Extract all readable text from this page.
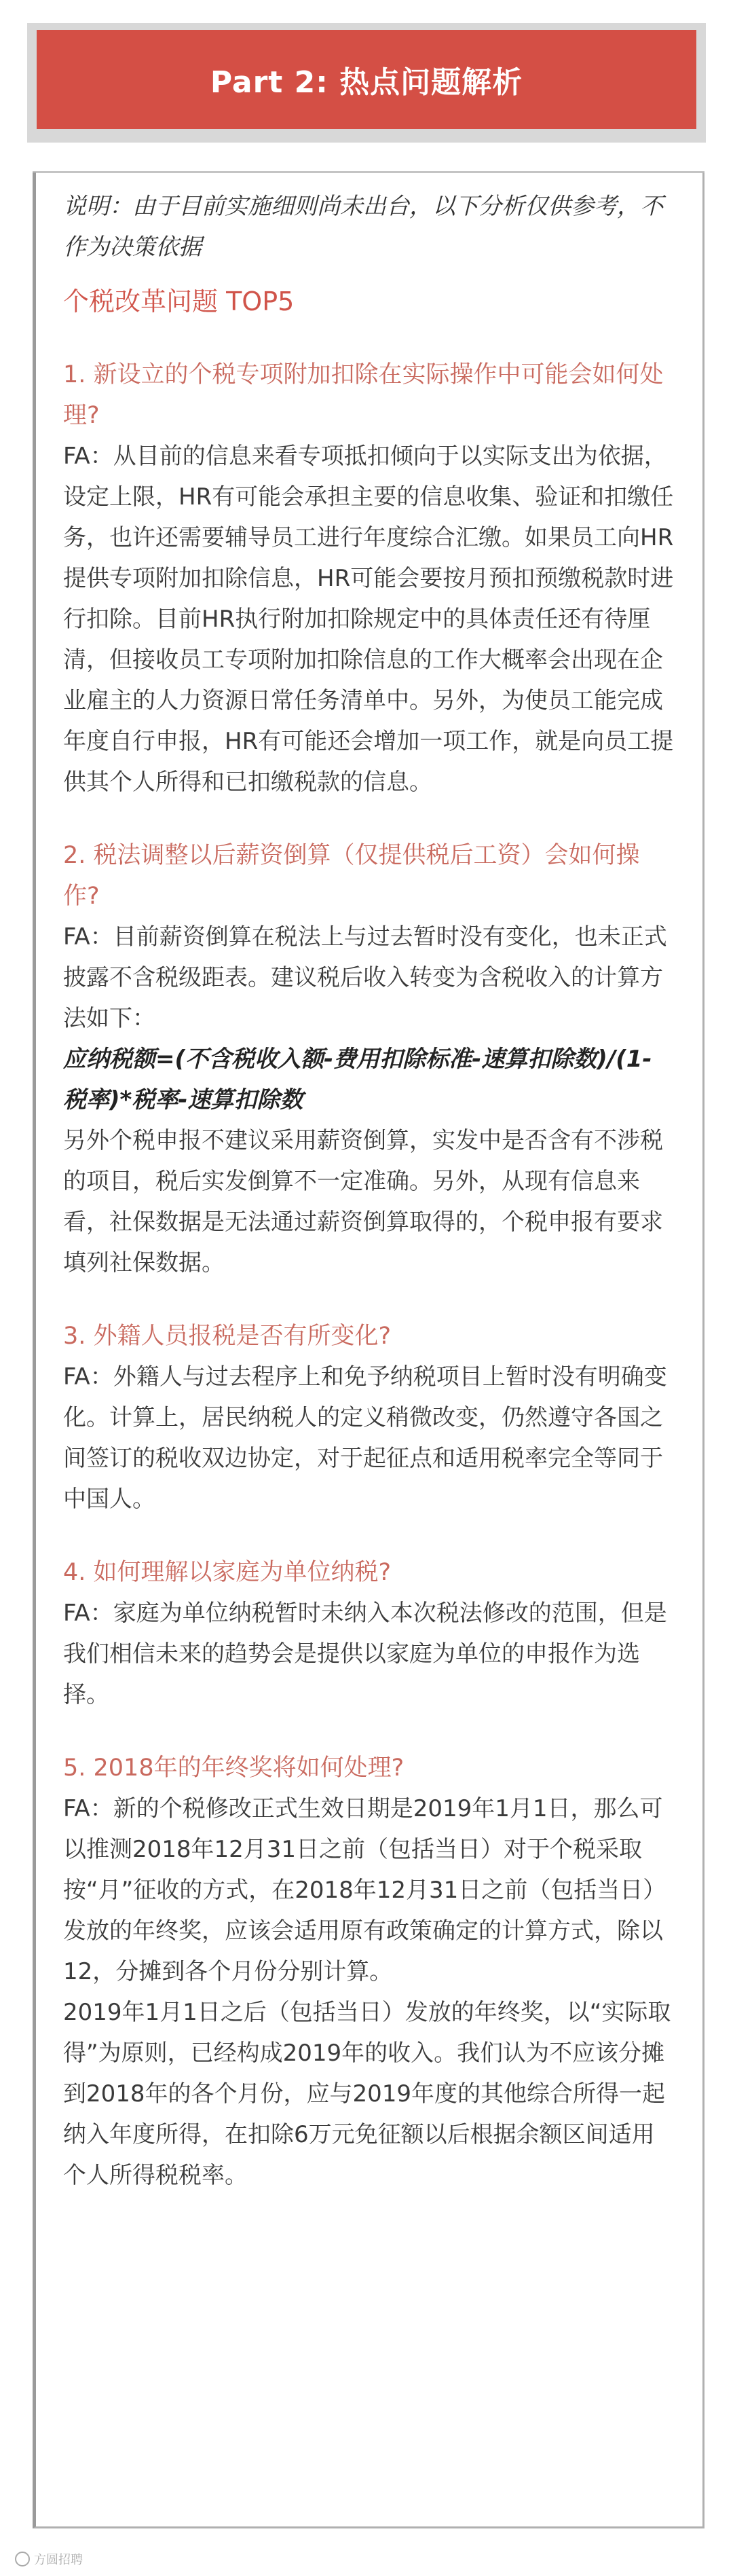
Part 2: 热点问题解析

说明：由于目前实施细则尚未出台，以下分析仅供参考，不作为决策依据

个税改革问题 TOP5

1. 新设立的个税专项附加扣除在实际操作中可能会如何处理?

FA：从目前的信息来看专项抵扣倾向于以实际支出为依据，设定上限，HR有可能会承担主要的信息收集、验证和扣缴任务，也许还需要辅导员工进行年度综合汇缴。如果员工向HR提供专项附加扣除信息，HR可能会要按月预扣预缴税款时进行扣除。目前HR执行附加扣除规定中的具体责任还有待厘清，但接收员工专项附加扣除信息的工作大概率会出现在企业雇主的人力资源日常任务清单中。另外，为使员工能完成年度自行申报，HR有可能还会增加一项工作，就是向员工提供其个人所得和已扣缴税款的信息。

2. 税法调整以后薪资倒算（仅提供税后工资）会如何操作?

FA：目前薪资倒算在税法上与过去暂时没有变化，也未正式披露不含税级距表。建议税后收入转变为含税收入的计算方法如下：

应纳税额=(不含税收入额-费用扣除标准-速算扣除数)/(1-税率)*税率-速算扣除数

另外个税申报不建议采用薪资倒算，实发中是否含有不涉税的项目，税后实发倒算不一定准确。另外，从现有信息来看，社保数据是无法通过薪资倒算取得的，个税申报有要求填列社保数据。

3. 外籍人员报税是否有所变化?

FA：外籍人与过去程序上和免予纳税项目上暂时没有明确变化。计算上，居民纳税人的定义稍微改变，仍然遵守各国之间签订的税收双边协定，对于起征点和适用税率完全等同于中国人。

4. 如何理解以家庭为单位纳税?

FA：家庭为单位纳税暂时未纳入本次税法修改的范围，但是我们相信未来的趋势会是提供以家庭为单位的申报作为选择。

5. 2018年的年终奖将如何处理?

FA：新的个税修改正式生效日期是2019年1月1日，那么可以推测2018年12月31日之前（包括当日）对于个税采取按“月”征收的方式，在2018年12月31日之前（包括当日）发放的年终奖，应该会适用原有政策确定的计算方式，除以12，分摊到各个月份分别计算。

2019年1月1日之后（包括当日）发放的年终奖，以“实际取得”为原则，已经构成2019年的收入。我们认为不应该分摊到2018年的各个月份，应与2019年度的其他综合所得一起纳入年度所得，在扣除6万元免征额以后根据余额区间适用个人所得税税率。

方圆招聘
